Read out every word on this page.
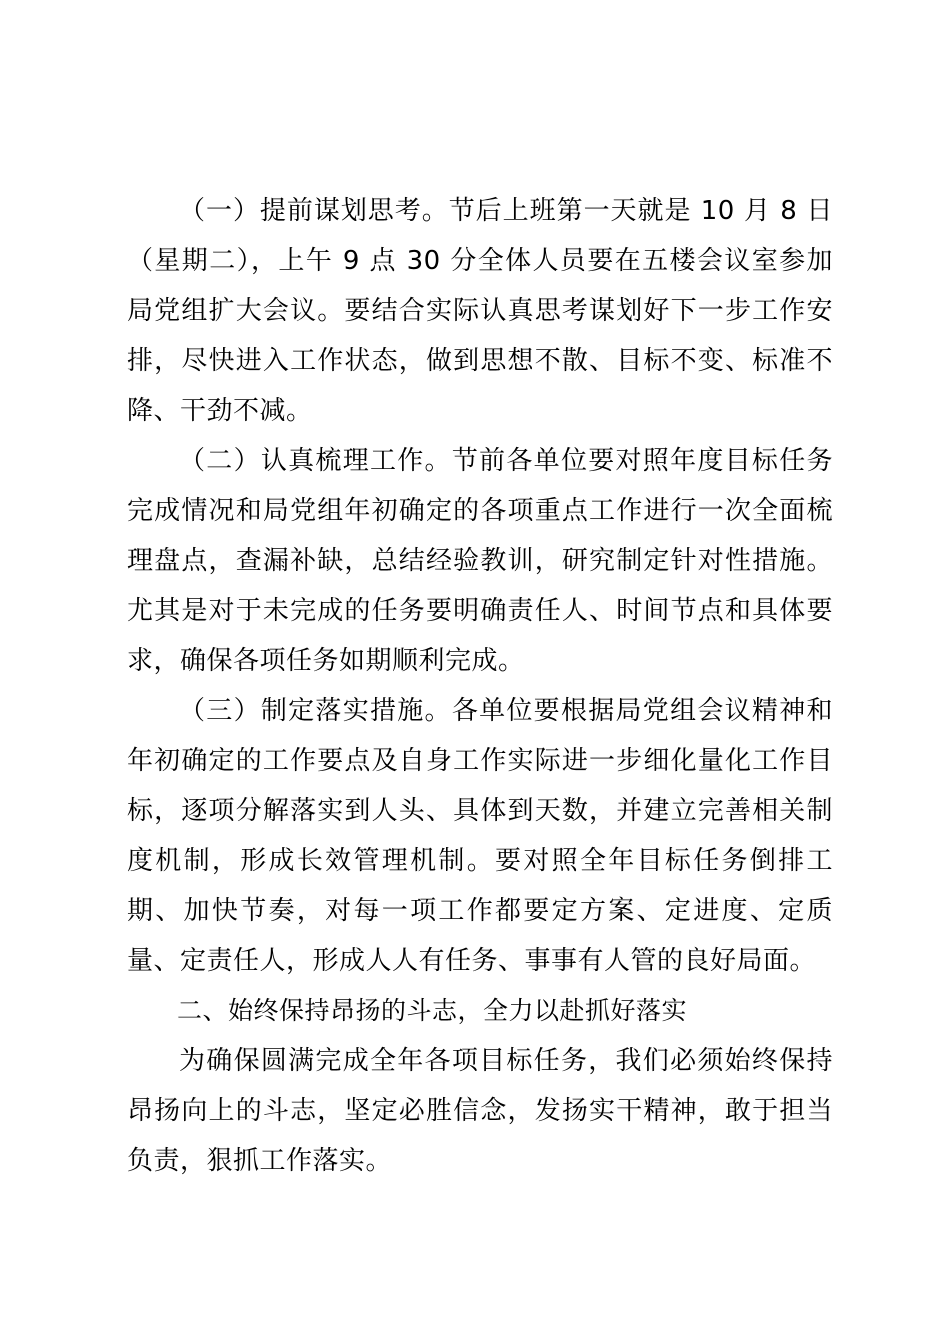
（一）提前谋划思考。节后上班第一天就是 10 月 8 日（星期二），上午 9 点 30 分全体人员要在五楼会议室参加局党组扩大会议。要结合实际认真思考谋划好下一步工作安排，尽快进入工作状态，做到思想不散、目标不变、标准不降、干劲不减。

（二）认真梳理工作。节前各单位要对照年度目标任务完成情况和局党组年初确定的各项重点工作进行一次全面梳理盘点，查漏补缺，总结经验教训，研究制定针对性措施。尤其是对于未完成的任务要明确责任人、时间节点和具体要求，确保各项任务如期顺利完成。

（三）制定落实措施。各单位要根据局党组会议精神和年初确定的工作要点及自身工作实际进一步细化量化工作目标，逐项分解落实到人头、具体到天数，并建立完善相关制度机制，形成长效管理机制。要对照全年目标任务倒排工期、加快节奏，对每一项工作都要定方案、定进度、定质量、定责任人，形成人人有任务、事事有人管的良好局面。

二、始终保持昂扬的斗志，全力以赴抓好落实

为确保圆满完成全年各项目标任务，我们必须始终保持昂扬向上的斗志，坚定必胜信念，发扬实干精神，敢于担当负责，狠抓工作落实。
